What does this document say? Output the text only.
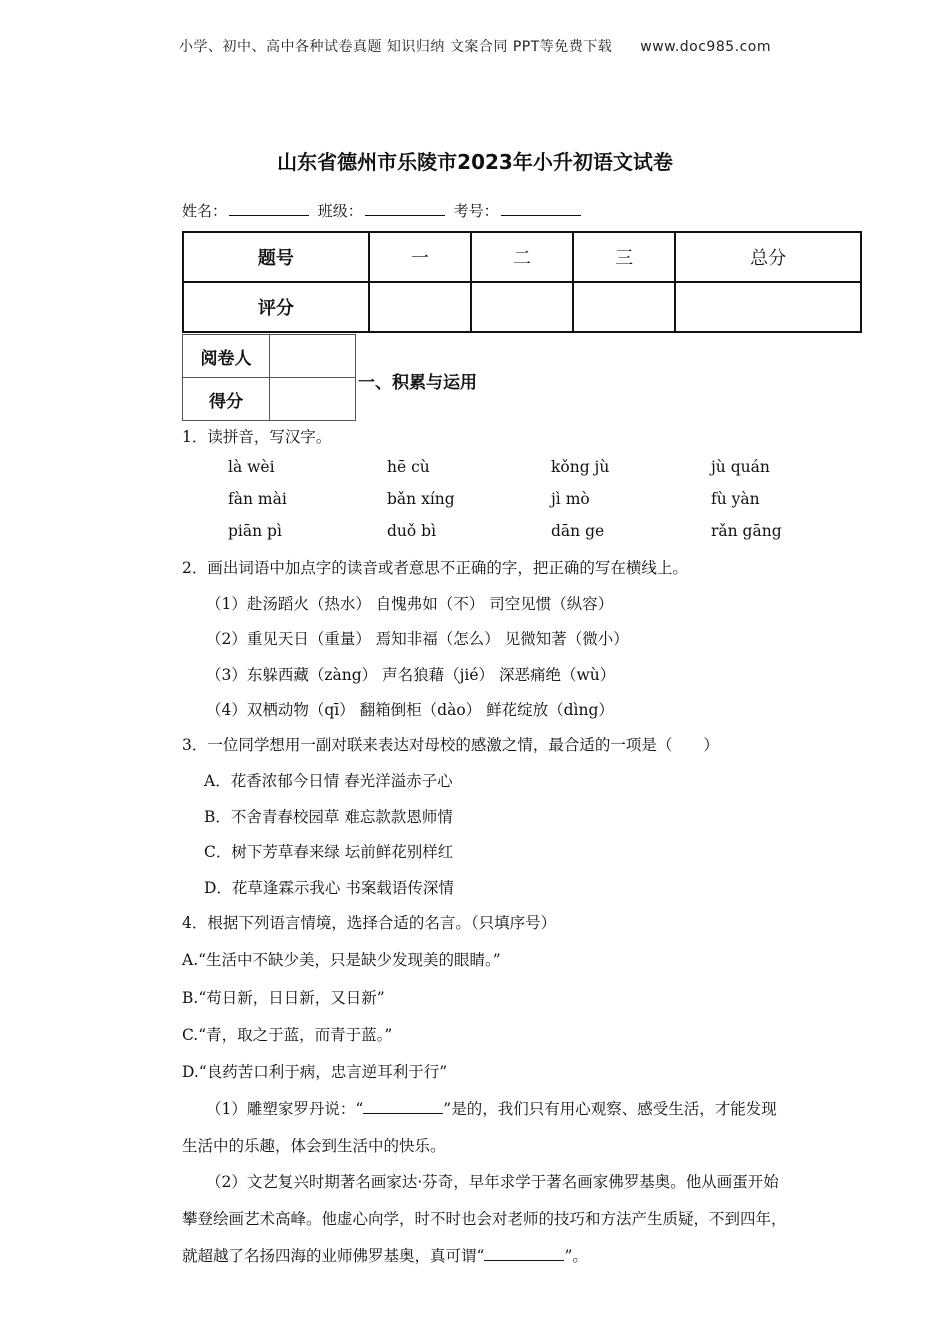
小学、初中、高中各种试卷真题 知识归纳 文案合同 PPT等免费下载 www.doc985.com
山东省德州市乐陵市2023年小升初语文试卷
姓名：	班级：	考号：
题号	一	二	三	总分
评分				
阅卷人	
得分	
一、积累与运用
1．读拼音，写汉字。
là wèi	hē cù	kǒng jù	jù quán
fàn mài	bǎn xíng	jì mò	fù yàn
piān pì	duǒ bì	dān ge	rǎn gāng
2．画出词语中加点字的读音或者意思不正确的字，把正确的写在横线上。
（1）赴汤蹈火（热水） 自愧弗如（不） 司空见惯（纵容）
（2）重见天日（重量） 焉知非福（怎么） 见微知著（微小）
（3）东躲西藏（zàng） 声名狼藉（jié） 深恶痛绝（wù）
（4）双栖动物（qī） 翻箱倒柜（dào） 鲜花绽放（dìng）
3．一位同学想用一副对联来表达对母校的感激之情，最合适的一项是（　　）
A．花香浓郁今日情 春光洋溢赤子心
B．不舍青春校园草 难忘款款恩师情
C．树下芳草春来绿 坛前鲜花别样红
D．花草逢霖示我心 书案载语传深情
4．根据下列语言情境，选择合适的名言。（只填序号）
A.“生活中不缺少美，只是缺少发现美的眼睛。”
B.“苟日新，日日新，又日新”
C.“青，取之于蓝，而青于蓝。”
D.“良药苦口利于病，忠言逆耳利于行”
（1）雕塑家罗丹说：“	”是的，我们只有用心观察、感受生活，才能发现
生活中的乐趣，体会到生活中的快乐。
（2）文艺复兴时期著名画家达·芬奇，早年求学于著名画家佛罗基奥。他从画蛋开始
攀登绘画艺术高峰。他虚心向学，时不时也会对老师的技巧和方法产生质疑，不到四年，
就超越了名扬四海的业师佛罗基奥，真可谓“	”。
